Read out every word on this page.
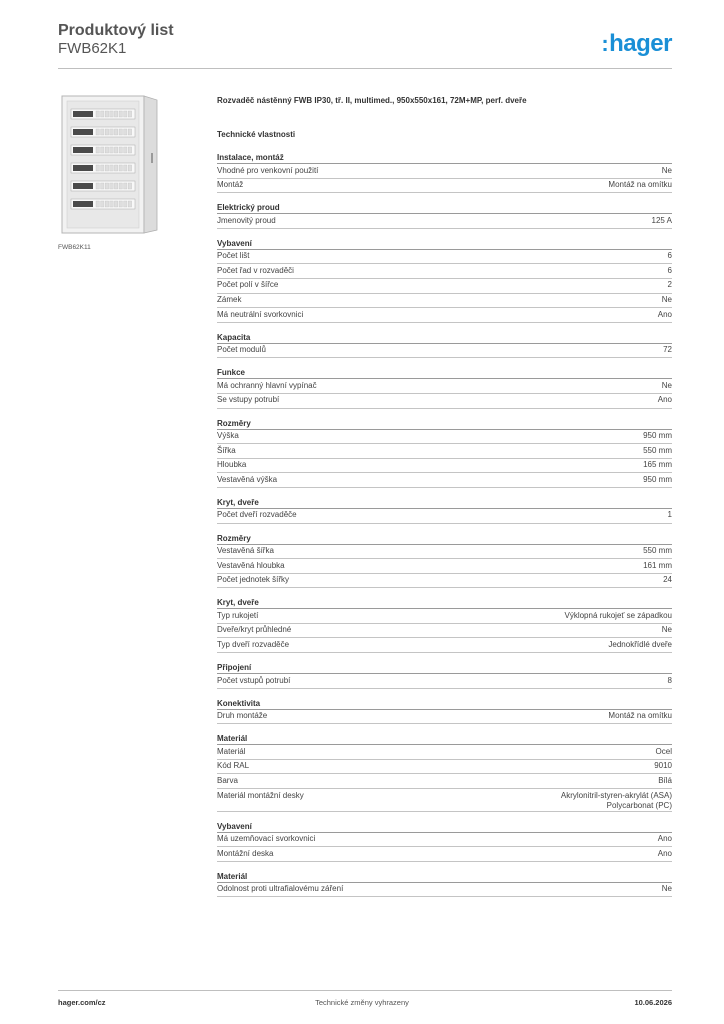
Produktový list
FWB62K1	:hager
FWB62K11
Rozvaděč nástěnný FWB IP30, tř. II, multimed., 950x550x161, 72M+MP, perf. dveře
Technické vlastnosti
Instalace, montáž
Vhodné pro venkovní použití	Ne
Montáž	Montáž na omítku
Elektrický proud
Jmenovitý proud	125 A
Vybavení
Počet lišt	6
Počet řad v rozvaděči	6
Počet polí v šířce	2
Zámek	Ne
Má neutrální svorkovnici	Ano
Kapacita
Počet modulů	72
Funkce
Má ochranný hlavní vypínač	Ne
Se vstupy potrubí	Ano
Rozměry
Výška	950 mm
Šířka	550 mm
Hloubka	165 mm
Vestavěná výška	950 mm
Kryt, dveře
Počet dveří rozvaděče	1
Rozměry
Vestavěná šířka	550 mm
Vestavěná hloubka	161 mm
Počet jednotek šířky	24
Kryt, dveře
Typ rukojetí	Výklopná rukojeť se západkou
Dveře/kryt průhledné	Ne
Typ dveří rozvaděče	Jednokřídlé dveře
Připojení
Počet vstupů potrubí	8
Konektivita
Druh montáže	Montáž na omítku
Materiál
Materiál	Ocel
Kód RAL	9010
Barva	Bílá
Materiál montážní desky	Akrylonitril-styren-akrylát (ASA)
Polycarbonat (PC)
Vybavení
Má uzemňovací svorkovnici	Ano
Montážní deska	Ano
Materiál
Odolnost proti ultrafialovému záření	Ne
hager.com/cz	Technické změny vyhrazeny	10.06.2026
